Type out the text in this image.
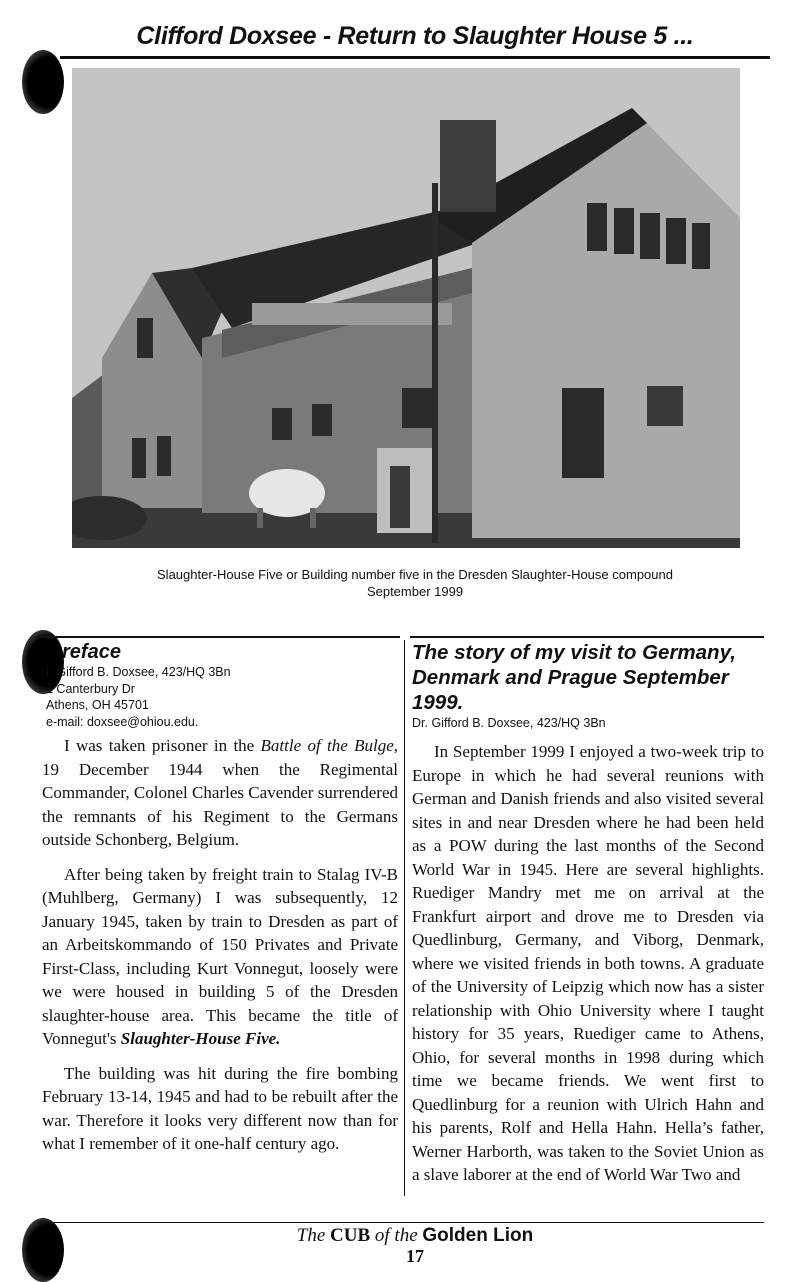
Clifford Doxsee - Return to Slaughter House 5 ...
Slaughter-House Five or Building number five in the Dresden Slaughter-House compound
September 1999
reface
r. Gifford B. Doxsee, 423/HQ 3Bn
1 Canterbury Dr
Athens, OH 45701
e-mail: doxsee@ohiou.edu.

I was taken prisoner in the Battle of the Bulge, 19 December 1944 when the Regimental Commander, Colonel Charles Cavender surrendered the remnants of his Regiment to the Germans outside Schonberg, Belgium.

After being taken by freight train to Stalag IV-B (Muhlberg, Germany) I was subsequently, 12 January 1945, taken by train to Dresden as part of an Arbeitskommando of 150 Privates and Private First-Class, including Kurt Vonnegut, loosely were we were housed in building 5 of the Dresden slaughter-house area. This became the title of Vonnegut's Slaughter-House Five.

The building was hit during the fire bombing February 13-14, 1945 and had to be rebuilt after the war. Therefore it looks very different now than for what I remember of it one-half century ago.

The story of my visit to Germany, Denmark and Prague September 1999.
Dr. Gifford B. Doxsee, 423/HQ 3Bn

In September 1999 I enjoyed a two-week trip to Europe in which he had several reunions with German and Danish friends and also visited several sites in and near Dresden where he had been held as a POW during the last months of the Second World War in 1945. Here are several highlights. Ruediger Mandry met me on arrival at the Frankfurt airport and drove me to Dresden via Quedlinburg, Germany, and Viborg, Denmark, where we visited friends in both towns. A graduate of the University of Leipzig which now has a sister relationship with Ohio University where I taught history for 35 years, Ruediger came to Athens, Ohio, for several months in 1998 during which time we became friends. We went first to Quedlinburg for a reunion with Ulrich Hahn and his parents, Rolf and Hella Hahn. Hella’s father, Werner Harborth, was taken to the Soviet Union as a slave laborer at the end of World War Two and

The CUB of the Golden Lion
17
